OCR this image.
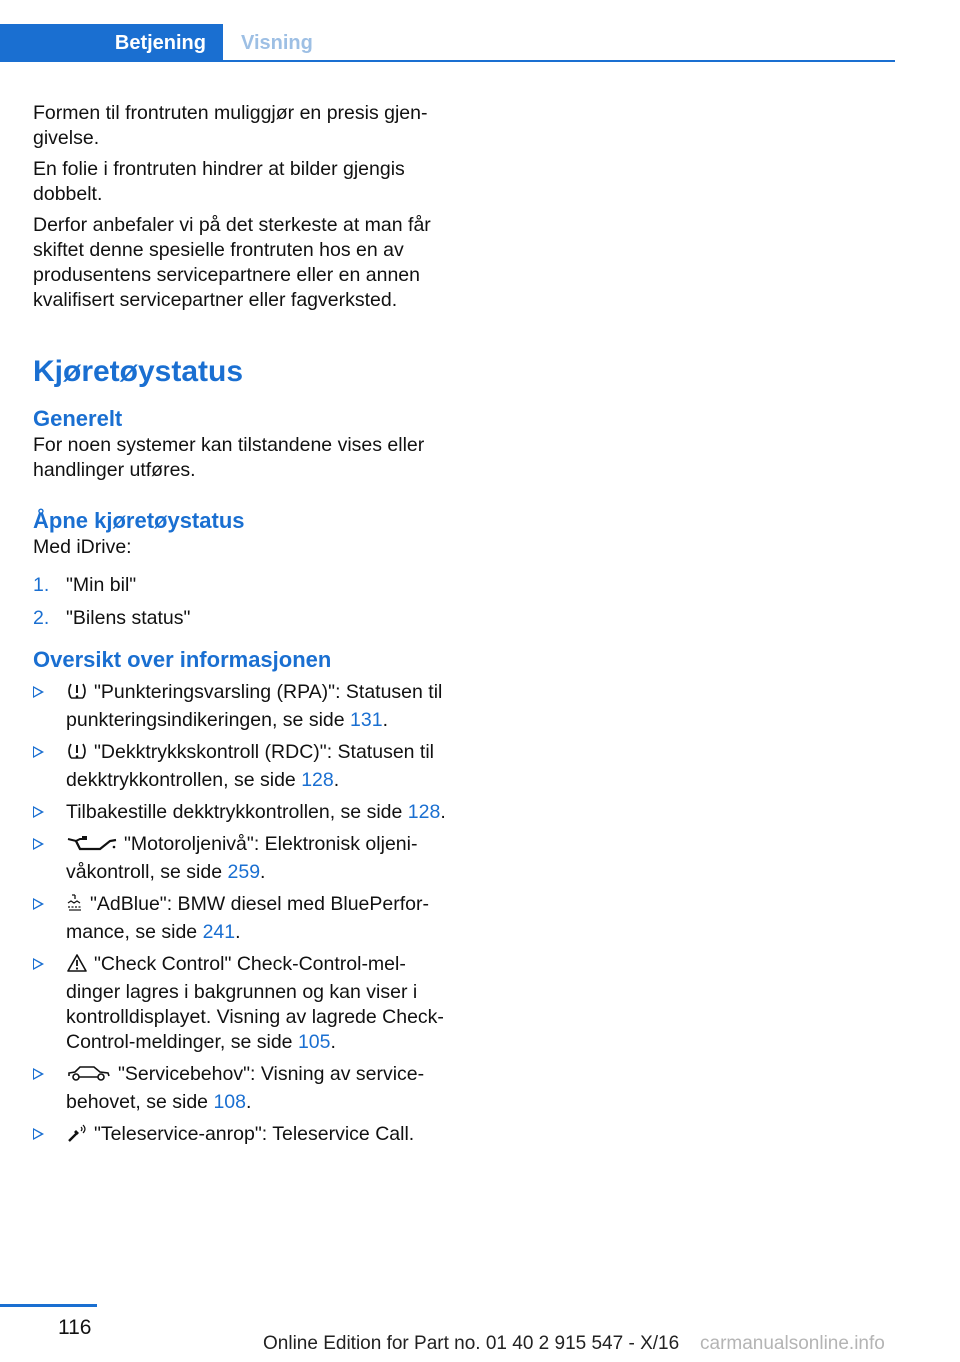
Betjening Visning

Formen til frontruten muliggjør en presis gjen-givelse.

En folie i frontruten hindrer at bilder gjengis dobbelt.

Derfor anbefaler vi på det sterkeste at man får skiftet denne spesielle frontruten hos en av produsentens servicepartnere eller en annen kvalifisert servicepartner eller fagverksted.

Kjøretøystatus
Generelt

For noen systemer kan tilstandene vises eller handlinger utføres.

Åpne kjøretøystatus

Med iDrive:

1. "Min bil"
2. "Bilens status"
Oversikt over informasjonen
"Punkteringsvarsling (RPA)": Statusen til punkteringsindikeringen, se side 131.
"Dekktrykkskontroll (RDC)": Statusen til dekktrykkontrollen, se side 128.
Tilbakestille dekktrykkontrollen, se side 128.
"Motoroljenivå": Elektronisk oljeni-våkontroll, se side 259.
"AdBlue": BMW diesel med BluePerfor-mance, se side 241.
"Check Control" Check-Control-mel-dinger lagres i bakgrunnen og kan viser i kontrolldisplayet. Visning av lagrede Check-Control-meldinger, se side 105.
"Servicebehov": Visning av service-behovet, se side 108.
"Teleservice-anrop": Teleservice Call.
116
Online Edition for Part no. 01 40 2 915 547 - X/16 carmanualsonline.info
